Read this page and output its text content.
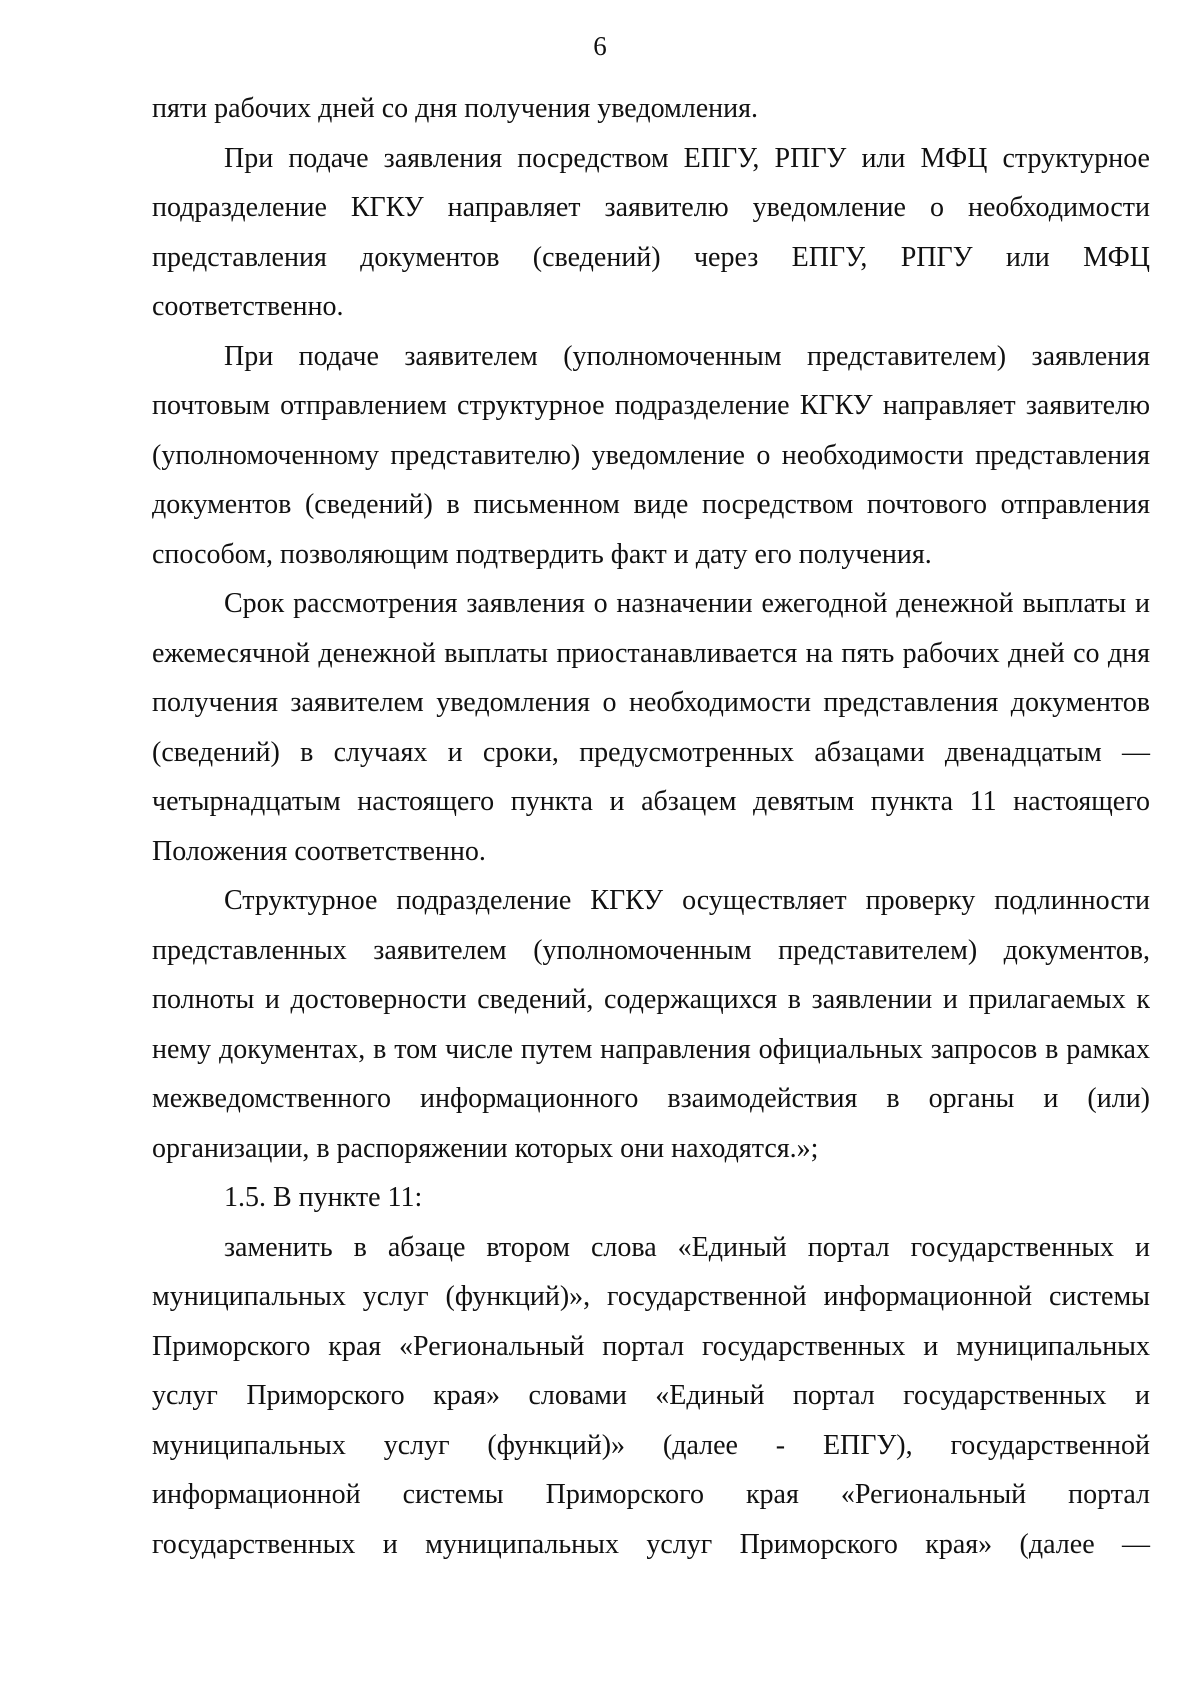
6

пяти рабочих дней со дня получения уведомления.

При подаче заявления посредством ЕПГУ, РПГУ или МФЦ структурное подразделение КГКУ направляет заявителю уведомление о необходимости представления документов (сведений) через ЕПГУ, РПГУ или МФЦ соответственно.

При подаче заявителем (уполномоченным представителем) заявления почтовым отправлением структурное подразделение КГКУ направляет заявителю (уполномоченному представителю) уведомление о необходимости представления документов (сведений) в письменном виде посредством почтового отправления способом, позволяющим подтвердить факт и дату его получения.

Срок рассмотрения заявления о назначении ежегодной денежной выплаты и ежемесячной денежной выплаты приостанавливается на пять рабочих дней со дня получения заявителем уведомления о необходимости представления документов (сведений) в случаях и сроки, предусмотренных абзацами двенадцатым — четырнадцатым настоящего пункта и абзацем девятым пункта 11 настоящего Положения соответственно.

Структурное подразделение КГКУ осуществляет проверку подлинности представленных заявителем (уполномоченным представителем) документов, полноты и достоверности сведений, содержащихся в заявлении и прилагаемых к нему документах, в том числе путем направления официальных запросов в рамках межведомственного информационного взаимодействия в органы и (или) организации, в распоряжении которых они находятся.»;

1.5. В пункте 11:

заменить в абзаце втором слова «Единый портал государственных и муниципальных услуг (функций)», государственной информационной системы Приморского края «Региональный портал государственных и муниципальных услуг Приморского края» словами «Единый портал государственных и муниципальных услуг (функций)» (далее - ЕПГУ), государственной информационной системы Приморского края «Региональный портал государственных и муниципальных услуг Приморского края» (далее —
